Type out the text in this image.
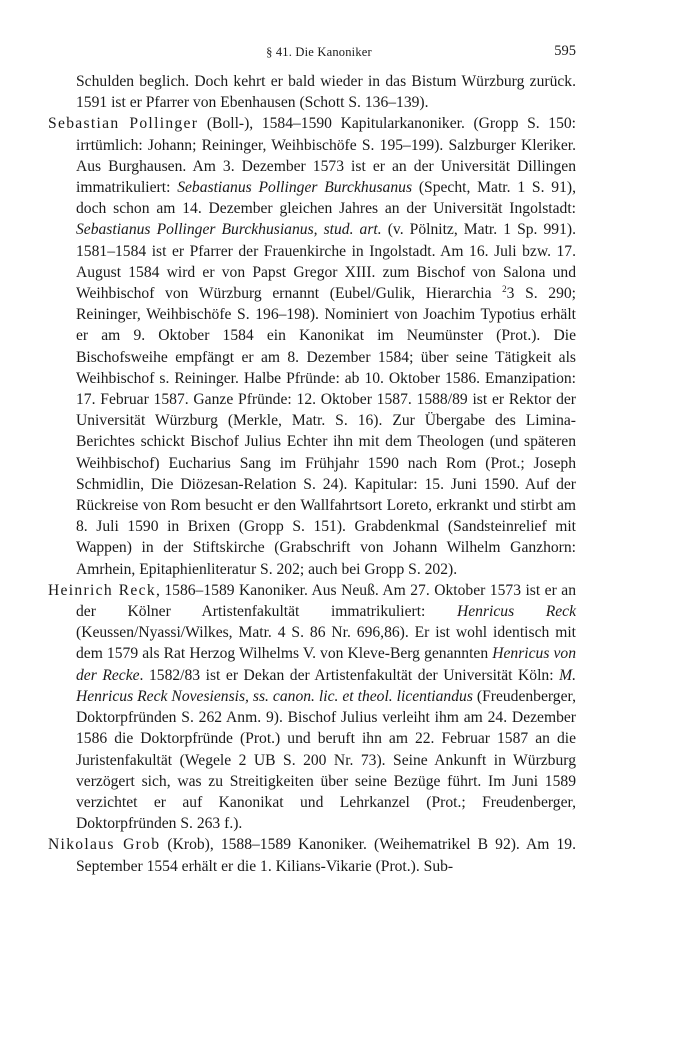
§ 41. Die Kanoniker	595

Schulden beglich. Doch kehrt er bald wieder in das Bistum Würzburg zurück. 1591 ist er Pfarrer von Ebenhausen (Schott S. 136–139).

Sebastian Pollinger (Boll-), 1584–1590 Kapitularkanoniker. (Gropp S. 150: irrtümlich: Johann; Reininger, Weihbischöfe S. 195–199). Salzburger Kleriker. Aus Burghausen. Am 3. Dezember 1573 ist er an der Universität Dillingen immatrikuliert: Sebastianus Pollinger Burckhusanus (Specht, Matr. 1 S. 91), doch schon am 14. Dezember gleichen Jahres an der Universität Ingolstadt: Sebastianus Pollinger Burckhusianus, stud. art. (v. Pölnitz, Matr. 1 Sp. 991). 1581–1584 ist er Pfarrer der Frauenkirche in Ingolstadt. Am 16. Juli bzw. 17. August 1584 wird er von Papst Gregor XIII. zum Bischof von Salona und Weihbischof von Würzburg ernannt (Eubel/Gulik, Hierarchia $^2$3 S. 290; Reininger, Weihbischöfe S. 196–198). Nominiert von Joachim Typotius erhält er am 9. Oktober 1584 ein Kanonikat im Neumünster (Prot.). Die Bischofsweihe empfängt er am 8. Dezember 1584; über seine Tätigkeit als Weihbischof s. Reininger. Halbe Pfründe: ab 10. Oktober 1586. Emanzipation: 17. Februar 1587. Ganze Pfründe: 12. Oktober 1587. 1588/89 ist er Rektor der Universität Würzburg (Merkle, Matr. S. 16). Zur Übergabe des Limina-Berichtes schickt Bischof Julius Echter ihn mit dem Theologen (und späteren Weihbischof) Eucharius Sang im Frühjahr 1590 nach Rom (Prot.; Joseph Schmidlin, Die Diözesan-Relation S. 24). Kapitular: 15. Juni 1590. Auf der Rückreise von Rom besucht er den Wallfahrtsort Loreto, erkrankt und stirbt am 8. Juli 1590 in Brixen (Gropp S. 151). Grabdenkmal (Sandsteinrelief mit Wappen) in der Stiftskirche (Grabschrift von Johann Wilhelm Ganzhorn: Amrhein, Epitaphienliteratur S. 202; auch bei Gropp S. 202).

Heinrich Reck, 1586–1589 Kanoniker. Aus Neuß. Am 27. Oktober 1573 ist er an der Kölner Artistenfakultät immatrikuliert: Henricus Reck (Keussen/Nyassi/Wilkes, Matr. 4 S. 86 Nr. 696,86). Er ist wohl identisch mit dem 1579 als Rat Herzog Wilhelms V. von Kleve-Berg genannten Henricus von der Recke. 1582/83 ist er Dekan der Artistenfakultät der Universität Köln: M. Henricus Reck Novesiensis, ss. canon. lic. et theol. licentiandus (Freudenberger, Doktorpfründen S. 262 Anm. 9). Bischof Julius verleiht ihm am 24. Dezember 1586 die Doktorpfründe (Prot.) und beruft ihn am 22. Februar 1587 an die Juristenfakultät (Wegele 2 UB S. 200 Nr. 73). Seine Ankunft in Würzburg verzögert sich, was zu Streitigkeiten über seine Bezüge führt. Im Juni 1589 verzichtet er auf Kanonikat und Lehrkanzel (Prot.; Freudenberger, Doktorpfründen S. 263 f.).

Nikolaus Grob (Krob), 1588–1589 Kanoniker. (Weihematrikel B 92). Am 19. September 1554 erhält er die 1. Kilians-Vikarie (Prot.). Sub-
